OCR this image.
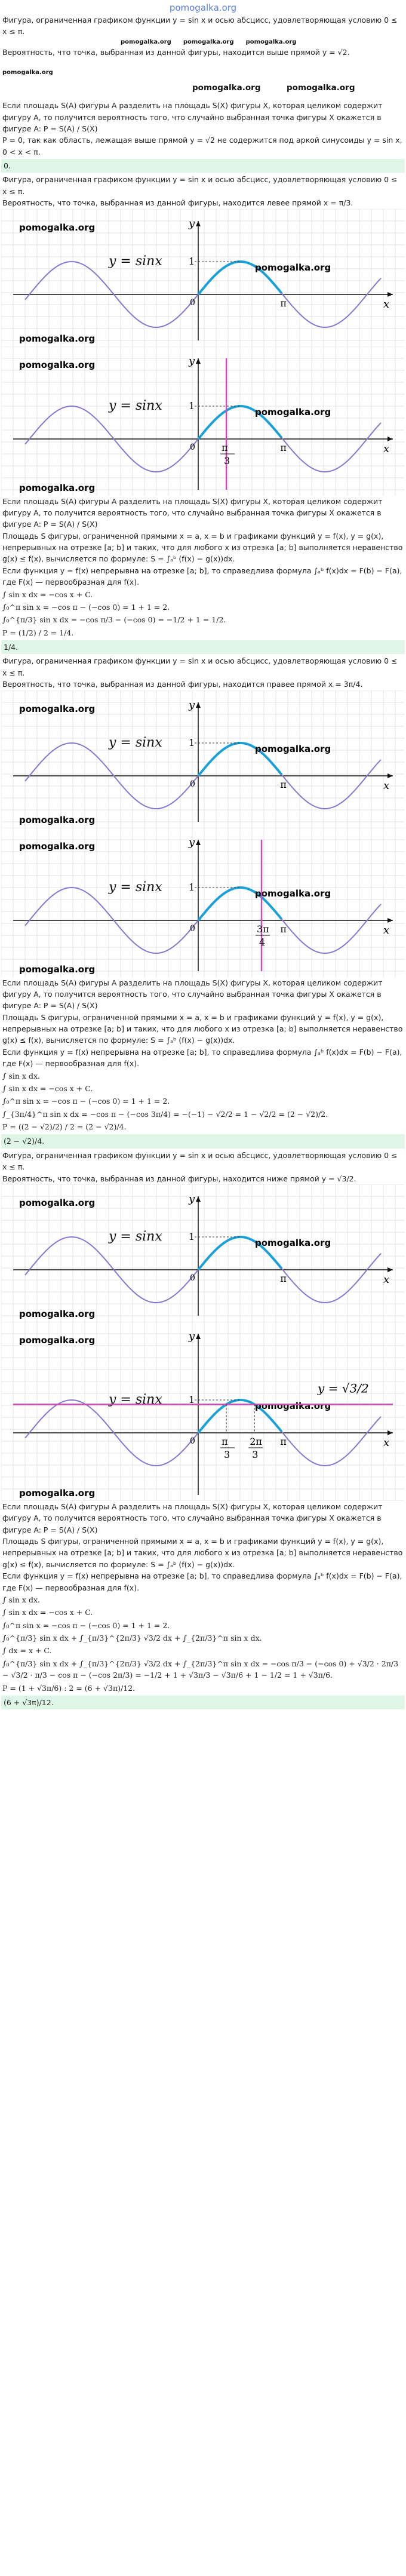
pomogalka.org

Фигура, ограниченная графиком функции y = sin x и осью абсцисс, удовлетворяющая условию 0 ≤ x ≤ π.

pomogalka.org pomogalka.org pomogalka.org

Вероятность, что точка, выбранная из данной фигуры, находится выше прямой y = √2.

pomogalka.org

pomogalka.org	pomogalka.org

Если площадь S(A) фигуры A разделить на площадь S(X) фигуры X, которая целиком содержит фигуру A, то получится вероятность того, что случайно выбранная точка фигуры X окажется в фигуре A: P = S(A) / S(X)

P = 0, так как область, лежащая выше прямой y = √2 не содержится под аркой синусоиды y = sin x, 0 < x < π.

0.

Фигура, ограниченная графиком функции y = sin x и осью абсцисс, удовлетворяющая условию 0 ≤ x ≤ π.

Вероятность, что точка, выбранная из данной фигуры, находится левее прямой x = π/3.

1
0	π
y
x
y = sinx
pomogalka.org
pomogalka.org
pomogalka.org
1
0	π
y
x
y = sinx
pomogalka.org
pomogalka.org
pomogalka.org
π
3

Если площадь S(A) фигуры A разделить на площадь S(X) фигуры X, которая целиком содержит фигуру A, то получится вероятность того, что случайно выбранная точка фигуры X окажется в фигуре A: P = S(A) / S(X)

Площадь S фигуры, ограниченной прямыми x = a, x = b и графиками функций y = f(x), y = g(x), непрерывных на отрезке [a; b] и таких, что для любого x из отрезка [a; b] выполняется неравенство g(x) ≤ f(x), вычисляется по формуле: S = ∫ₐᵇ (f(x) − g(x))dx.

Если функция y = f(x) непрерывна на отрезке [a; b], то справедлива формула ∫ₐᵇ f(x)dx = F(b) − F(a), где F(x) — первообразная для f(x).

∫ sin x dx = −cos x + C.

∫₀^π sin x = −cos π − (−cos 0) = 1 + 1 = 2.

∫₀^{π/3} sin x dx = −cos π/3 − (−cos 0) = −1/2 + 1 = 1/2.

P = (1/2) / 2 = 1/4.

1/4.

Фигура, ограниченная графиком функции y = sin x и осью абсцисс, удовлетворяющая условию 0 ≤ x ≤ π.

Вероятность, что точка, выбранная из данной фигуры, находится правее прямой x = 3π/4.

1
0	π
y
x
y = sinx
pomogalka.org
pomogalka.org
pomogalka.org
1
0	π
y
x
y = sinx
pomogalka.org
pomogalka.org
pomogalka.org
3π
4

Если площадь S(A) фигуры A разделить на площадь S(X) фигуры X, которая целиком содержит фигуру A, то получится вероятность того, что случайно выбранная точка фигуры X окажется в фигуре A: P = S(A) / S(X)

Площадь S фигуры, ограниченной прямыми x = a, x = b и графиками функций y = f(x), y = g(x), непрерывных на отрезке [a; b] и таких, что для любого x из отрезка [a; b] выполняется неравенство g(x) ≤ f(x), вычисляется по формуле: S = ∫ₐᵇ (f(x) − g(x))dx.

Если функция y = f(x) непрерывна на отрезке [a; b], то справедлива формула ∫ₐᵇ f(x)dx = F(b) − F(a), где F(x) — первообразная для f(x).

∫ sin x dx.

∫ sin x dx = −cos x + C.

∫₀^π sin x = −cos π − (−cos 0) = 1 + 1 = 2.

∫_{3π/4}^π sin x dx = −cos π − (−cos 3π/4) = −(−1) − √2/2 = 1 − √2/2 = (2 − √2)/2.

P = ((2 − √2)/2) / 2 = (2 − √2)/4.

(2 − √2)/4.

Фигура, ограниченная графиком функции y = sin x и осью абсцисс, удовлетворяющая условию 0 ≤ x ≤ π.

Вероятность, что точка, выбранная из данной фигуры, находится ниже прямой y = √3/2.

1
0	π
y
x
y = sinx
pomogalka.org
pomogalka.org
pomogalka.org
1
0	π
y
x
y = sinx
pomogalka.org
pomogalka.org
pomogalka.org
π
3
2π
3
y = √3/2

Если площадь S(A) фигуры A разделить на площадь S(X) фигуры X, которая целиком содержит фигуру A, то получится вероятность того, что случайно выбранная точка фигуры X окажется в фигуре A: P = S(A) / S(X)

Площадь S фигуры, ограниченной прямыми x = a, x = b и графиками функций y = f(x), y = g(x), непрерывных на отрезке [a; b] и таких, что для любого x из отрезка [a; b] выполняется неравенство g(x) ≤ f(x), вычисляется по формуле: S = ∫ₐᵇ (f(x) − g(x))dx.

Если функция y = f(x) непрерывна на отрезке [a; b], то справедлива формула ∫ₐᵇ f(x)dx = F(b) − F(a), где F(x) — первообразная для f(x).

∫ sin x dx.

∫ sin x dx = −cos x + C.

∫₀^π sin x = −cos π − (−cos 0) = 1 + 1 = 2.

∫₀^{π/3} sin x dx + ∫_{π/3}^{2π/3} √3/2 dx + ∫_{2π/3}^π sin x dx.

∫ dx = x + C.

∫₀^{π/3} sin x dx + ∫_{π/3}^{2π/3} √3/2 dx + ∫_{2π/3}^π sin x dx = −cos π/3 − (−cos 0) + √3/2 · 2π/3 − √3/2 · π/3 − cos π − (−cos 2π/3) = −1/2 + 1 + √3π/3 − √3π/6 + 1 − 1/2 = 1 + √3π/6.

P = (1 + √3π/6) : 2 = (6 + √3π)/12.

(6 + √3π)/12.
